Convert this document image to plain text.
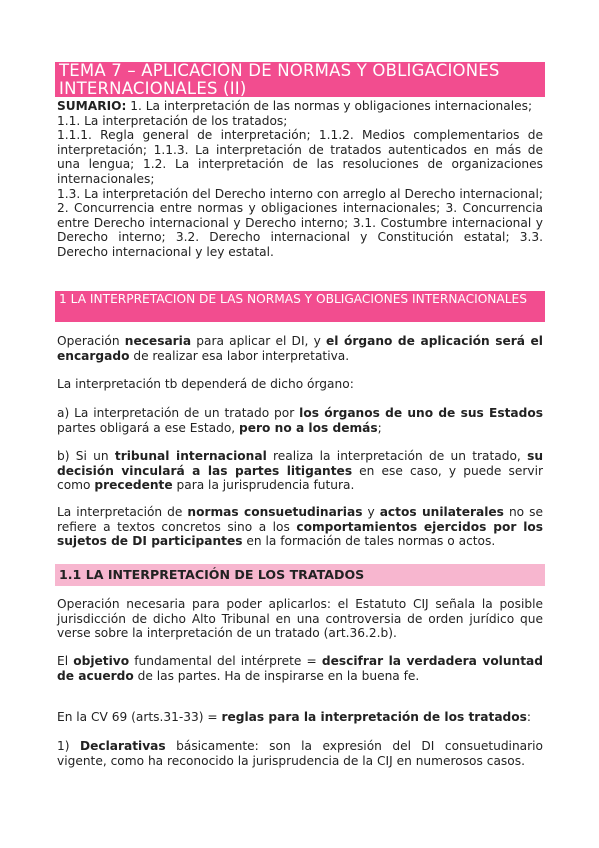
TEMA 7 – APLICACIÓN DE NORMAS Y OBLIGACIONES INTERNACIONALES (II)
SUMARIO: 1. La interpretación de las normas y obligaciones internacionales;
1.1. La interpretación de los tratados;
1.1.1. Regla general de interpretación; 1.1.2. Medios complementarios de interpretación; 1.1.3. La interpretación de tratados autenticados en más de una lengua; 1.2. La interpretación de las resoluciones de organizaciones internacionales;
1.3. La interpretación del Derecho interno con arreglo al Derecho internacional; 2. Concurrencia entre normas y obligaciones internacionales; 3. Concurrencia entre Derecho internacional y Derecho interno; 3.1. Costumbre internacional y Derecho interno; 3.2. Derecho internacional y Constitución estatal; 3.3. Derecho internacional y ley estatal.
1 LA INTERPRETACION DE LAS NORMAS Y OBLIGACIONES INTERNACIONALES
Operación necesaria para aplicar el DI, y el órgano de aplicación será el encargado de realizar esa labor interpretativa.
La interpretación tb dependerá de dicho órgano:
a) La interpretación de un tratado por los órganos de uno de sus Estados partes obligará a ese Estado, pero no a los demás;
b) Si un tribunal internacional realiza la interpretación de un tratado, su decisión vinculará a las partes litigantes en ese caso, y puede servir como precedente para la jurisprudencia futura.
La interpretación de normas consuetudinarias y actos unilaterales no se refiere a textos concretos sino a los comportamientos ejercidos por los sujetos de DI participantes en la formación de tales normas o actos.
1.1 LA INTERPRETACIÓN DE LOS TRATADOS
Operación necesaria para poder aplicarlos: el Estatuto CIJ señala la posible jurisdicción de dicho Alto Tribunal en una controversia de orden jurídico que verse sobre la interpretación de un tratado (art.36.2.b).
El objetivo fundamental del intérprete = descifrar la verdadera voluntad de acuerdo de las partes. Ha de inspirarse en la buena fe.
En la CV 69 (arts.31-33) = reglas para la interpretación de los tratados:
1) Declarativas básicamente: son la expresión del DI consuetudinario vigente, como ha reconocido la jurisprudencia de la CIJ en numerosos casos.
